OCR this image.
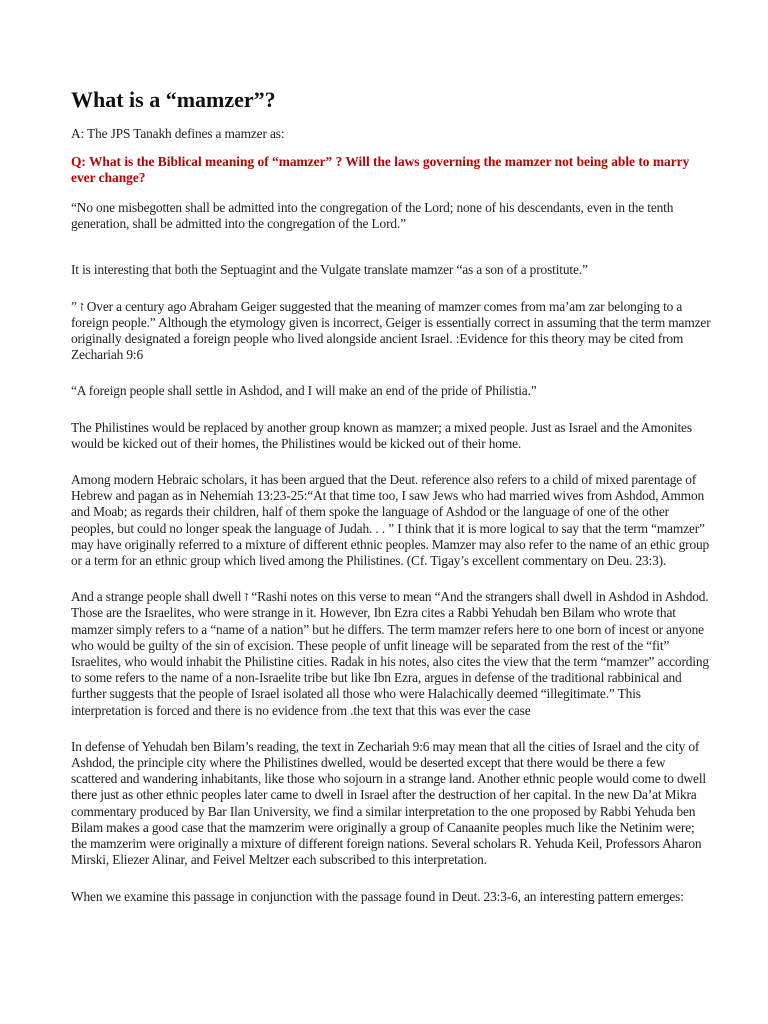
What is a “mamzer”?

A: The JPS Tanakh defines a mamzer as:

Q: What is the Biblical meaning of “mamzer” ? Will the laws governing the mamzer not being able to marry ever change?

“No one misbegotten shall be admitted into the congregation of the Lord; none of his descendants, even in the tenth generation, shall be admitted into the congregation of the Lord.”

It is interesting that both the Septuagint and the Vulgate translate mamzer “as a son of a prostitute.”

” ז Over a century ago Abraham Geiger suggested that the meaning of mamzer comes from ma’am zar belonging to a foreign people.” Although the etymology given is incorrect, Geiger is essentially correct in assuming that the term mamzer originally designated a foreign people who lived alongside ancient Israel. :Evidence for this theory may be cited from Zechariah 9:6

“A foreign people shall settle in Ashdod, and I will make an end of the pride of Philistia.”

The Philistines would be replaced by another group known as mamzer; a mixed people. Just as Israel and the Amonites would be kicked out of their homes, the Philistines would be kicked out of their home.

Among modern Hebraic scholars, it has been argued that the Deut. reference also refers to a child of mixed parentage of Hebrew and pagan as in Nehemiah 13:23-25:“At that time too, I saw Jews who had married wives from Ashdod, Ammon and Moab; as regards their children, half of them spoke the language of Ashdod or the language of one of the other peoples, but could no longer speak the language of Judah. . . ” I think that it is more logical to say that the term “mamzer” may have originally referred to a mixture of different ethnic peoples. Mamzer may also refer to the name of an ethic group or a term for an ethnic group which lived among the Philistines. (Cf. Tigay’s excellent commentary on Deu. 23:3).

And a strange people shall dwell ז “Rashi notes on this verse to mean “And the strangers shall dwell in Ashdod in Ashdod. Those are the Israelites, who were strange in it. However, Ibn Ezra cites a Rabbi Yehudah ben Bilam who wrote that mamzer simply refers to a “name of a nation” but he differs. The term mamzer refers here to one born of incest or anyone who would be guilty of the sin of excision. These people of unfit lineage will be separated from the rest of the “fit” Israelites, who would inhabit the Philistine cities. Radak in his notes, also cites the view that the term “mamzer” according to some refers to the name of a non-Israelite tribe but like Ibn Ezra, argues in defense of the traditional rabbinical and further suggests that the people of Israel isolated all those who were Halachically deemed “illegitimate.” This interpretation is forced and there is no evidence from .the text that this was ever the case

In defense of Yehudah ben Bilam’s reading, the text in Zechariah 9:6 may mean that all the cities of Israel and the city of Ashdod, the principle city where the Philistines dwelled, would be deserted except that there would be there a few scattered and wandering inhabitants, like those who sojourn in a strange land. Another ethnic people would come to dwell there just as other ethnic peoples later came to dwell in Israel after the destruction of her capital. In the new Da’at Mikra commentary produced by Bar Ilan University, we find a similar interpretation to the one proposed by Rabbi Yehuda ben Bilam makes a good case that the mamzerim were originally a group of Canaanite peoples much like the Netinim were; the mamzerim were originally a mixture of different foreign nations. Several scholars R. Yehuda Keil, Professors Aharon Mirski, Eliezer Alinar, and Feivel Meltzer each subscribed to this interpretation.

When we examine this passage in conjunction with the passage found in Deut. 23:3-6, an interesting pattern emerges:
